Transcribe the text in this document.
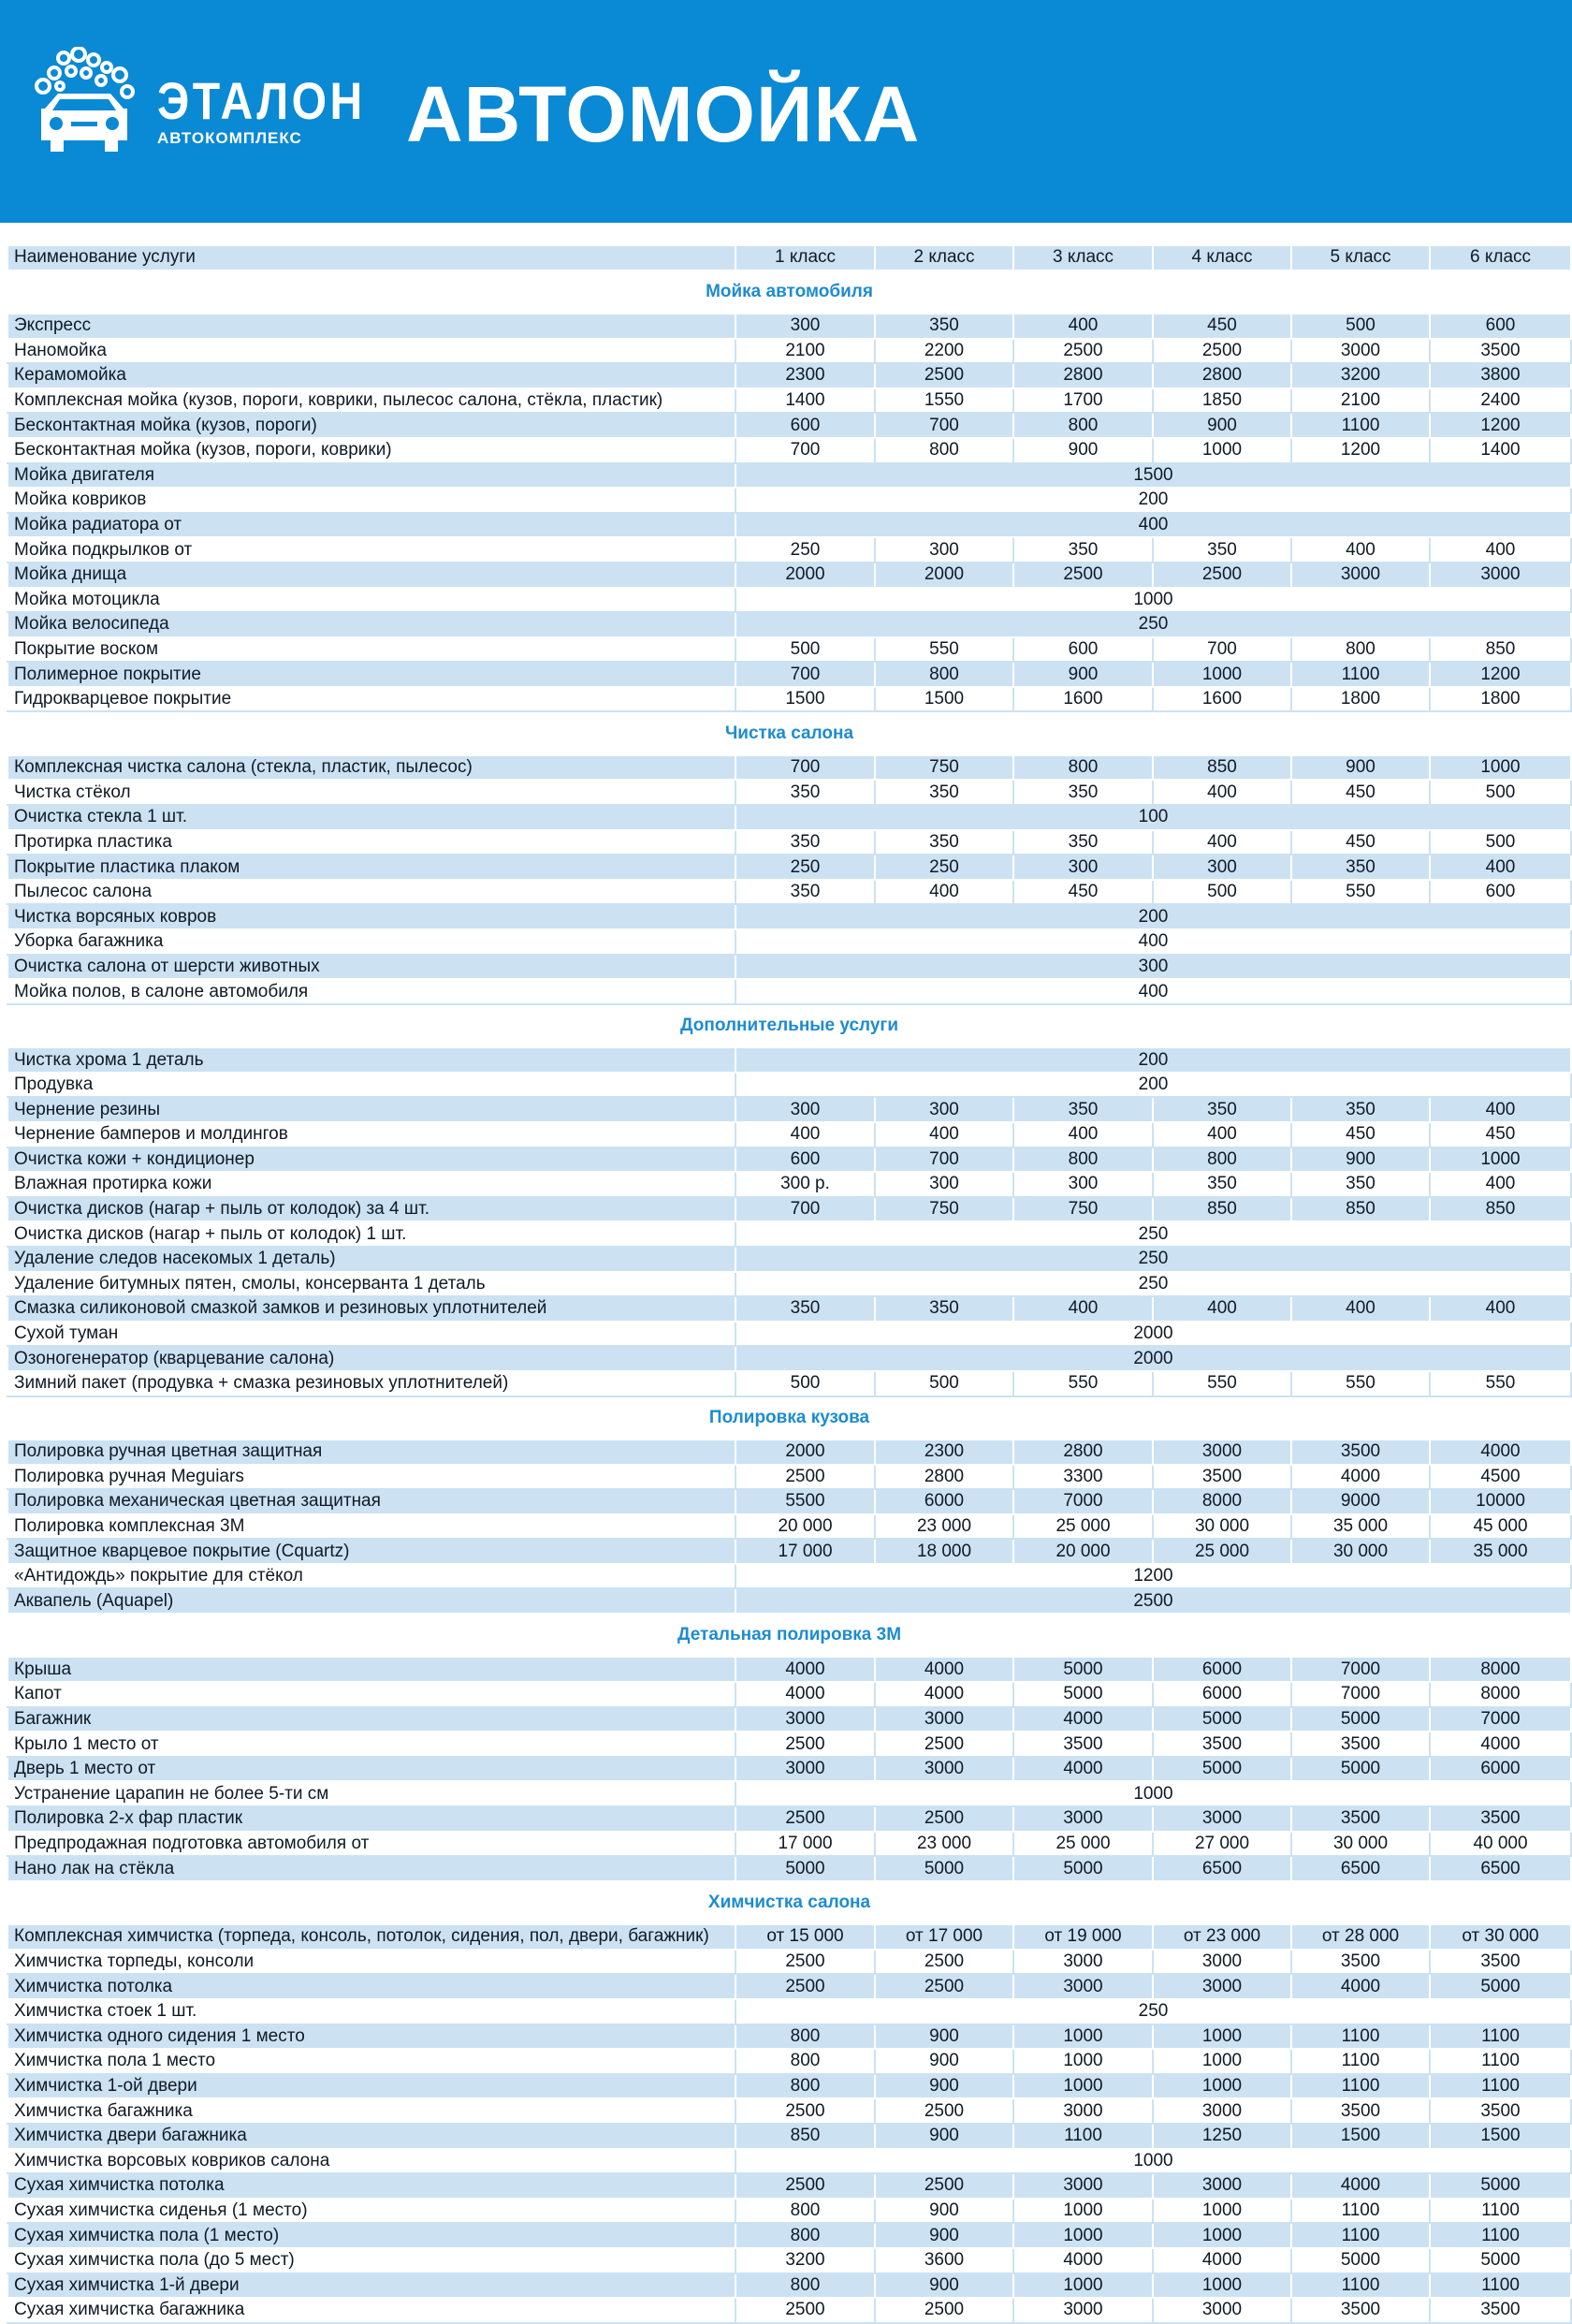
ЭТАЛОН
АВТОКОМПЛЕКС	АВТОМОЙКА
Наименование услуги	1 класс	2 класс	3 класс	4 класс	5 класс	6 класс
Мойка автомобиля						
Экспресс	300	350	400	450	500	600
Наномойка	2100	2200	2500	2500	3000	3500
Керамомойка	2300	2500	2800	2800	3200	3800
Комплексная мойка (кузов, пороги, коврики, пылесос салона, стёкла, пластик)	1400	1550	1700	1850	2100	2400
Бесконтактная мойка (кузов, пороги)	600	700	800	900	1100	1200
Бесконтактная мойка (кузов, пороги, коврики)	700	800	900	1000	1200	1400
Мойка двигателя	1500					
Мойка ковриков	200					
Мойка радиатора от	400					
Мойка подкрылков от	250	300	350	350	400	400
Мойка днища	2000	2000	2500	2500	3000	3000
Мойка мотоцикла	1000					
Мойка велосипеда	250					
Покрытие воском	500	550	600	700	800	850
Полимерное покрытие	700	800	900	1000	1100	1200
Гидрокварцевое покрытие	1500	1500	1600	1600	1800	1800
Чистка салона						
Комплексная чистка салона (стекла, пластик, пылесос)	700	750	800	850	900	1000
Чистка стёкол	350	350	350	400	450	500
Очистка стекла 1 шт.	100					
Протирка пластика	350	350	350	400	450	500
Покрытие пластика плаком	250	250	300	300	350	400
Пылесос салона	350	400	450	500	550	600
Чистка ворсяных ковров	200					
Уборка багажника	400					
Очистка салона от шерсти животных	300					
Мойка полов, в салоне автомобиля	400					
Дополнительные услуги						
Чистка хрома 1 деталь	200					
Продувка	200					
Чернение резины	300	300	350	350	350	400
Чернение бамперов и молдингов	400	400	400	400	450	450
Очистка кожи + кондиционер	600	700	800	800	900	1000
Влажная протирка кожи	300 р.	300	300	350	350	400
Очистка дисков (нагар + пыль от колодок) за 4 шт.	700	750	750	850	850	850
Очистка дисков (нагар + пыль от колодок) 1 шт.	250					
Удаление следов насекомых 1 деталь)	250					
Удаление битумных пятен, смолы, консерванта 1 деталь	250					
Смазка силиконовой смазкой замков и резиновых уплотнителей	350	350	400	400	400	400
Сухой туман	2000					
Озоногенератор (кварцевание салона)	2000					
Зимний пакет (продувка + смазка резиновых уплотнителей)	500	500	550	550	550	550
Полировка кузова						
Полировка ручная цветная защитная	2000	2300	2800	3000	3500	4000
Полировка ручная Meguiars	2500	2800	3300	3500	4000	4500
Полировка механическая цветная защитная	5500	6000	7000	8000	9000	10000
Полировка комплексная 3М	20 000	23 000	25 000	30 000	35 000	45 000
Защитное кварцевое покрытие (Cquartz)	17 000	18 000	20 000	25 000	30 000	35 000
«Антидождь» покрытие для стёкол	1200					
Аквапель (Aquapel)	2500					
Детальная полировка 3М						
Крыша	4000	4000	5000	6000	7000	8000
Капот	4000	4000	5000	6000	7000	8000
Багажник	3000	3000	4000	5000	5000	7000
Крыло 1 место от	2500	2500	3500	3500	3500	4000
Дверь 1 место от	3000	3000	4000	5000	5000	6000
Устранение царапин не более 5-ти см	1000					
Полировка 2-х фар пластик	2500	2500	3000	3000	3500	3500
Предпродажная подготовка автомобиля от	17 000	23 000	25 000	27 000	30 000	40 000
Нано лак на стёкла	5000	5000	5000	6500	6500	6500
Химчистка салона						
Комплексная химчистка (торпеда, консоль, потолок, сидения, пол, двери, багажник)	от 15 000	от 17 000	от 19 000	от 23 000	от 28 000	от 30 000
Химчистка торпеды, консоли	2500	2500	3000	3000	3500	3500
Химчистка потолка	2500	2500	3000	3000	4000	5000
Химчистка стоек 1 шт.	250					
Химчистка одного сидения 1 место	800	900	1000	1000	1100	1100
Химчистка пола 1 место	800	900	1000	1000	1100	1100
Химчистка 1-ой двери	800	900	1000	1000	1100	1100
Химчистка багажника	2500	2500	3000	3000	3500	3500
Химчистка двери багажника	850	900	1100	1250	1500	1500
Химчистка ворсовых ковриков салона	1000					
Сухая химчистка потолка	2500	2500	3000	3000	4000	5000
Сухая химчистка сиденья (1 место)	800	900	1000	1000	1100	1100
Сухая химчистка пола (1 место)	800	900	1000	1000	1100	1100
Сухая химчистка пола (до 5 мест)	3200	3600	4000	4000	5000	5000
Сухая химчистка 1-й двери	800	900	1000	1000	1100	1100
Сухая химчистка багажника	2500	2500	3000	3000	3500	3500
